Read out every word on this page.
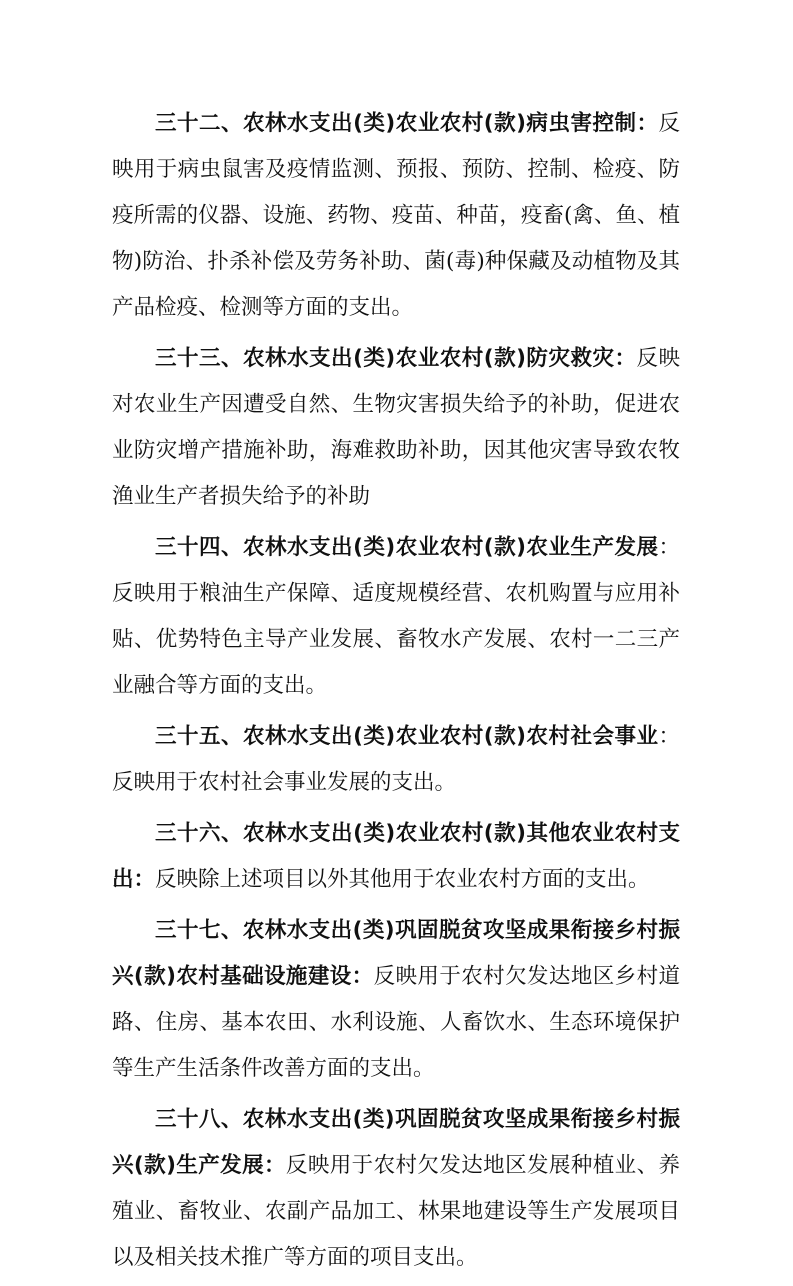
三十二、农林水支出(类)农业农村(款)病虫害控制：反映用于病虫鼠害及疫情监测、预报、预防、控制、检疫、防疫所需的仪器、设施、药物、疫苗、种苗，疫畜(禽、鱼、植物)防治、扑杀补偿及劳务补助、菌(毒)种保藏及动植物及其产品检疫、检测等方面的支出。

三十三、农林水支出(类)农业农村(款)防灾救灾：反映对农业生产因遭受自然、生物灾害损失给予的补助，促进农业防灾增产措施补助，海难救助补助，因其他灾害导致农牧渔业生产者损失给予的补助

三十四、农林水支出(类)农业农村(款)农业生产发展：反映用于粮油生产保障、适度规模经营、农机购置与应用补贴、优势特色主导产业发展、畜牧水产发展、农村一二三产业融合等方面的支出。

三十五、农林水支出(类)农业农村(款)农村社会事业：反映用于农村社会事业发展的支出。

三十六、农林水支出(类)农业农村(款)其他农业农村支出：反映除上述项目以外其他用于农业农村方面的支出。

三十七、农林水支出(类)巩固脱贫攻坚成果衔接乡村振兴(款)农村基础设施建设：反映用于农村欠发达地区乡村道路、住房、基本农田、水利设施、人畜饮水、生态环境保护等生产生活条件改善方面的支出。

三十八、农林水支出(类)巩固脱贫攻坚成果衔接乡村振兴(款)生产发展：反映用于农村欠发达地区发展种植业、养殖业、畜牧业、农副产品加工、林果地建设等生产发展项目以及相关技术推广等方面的项目支出。
